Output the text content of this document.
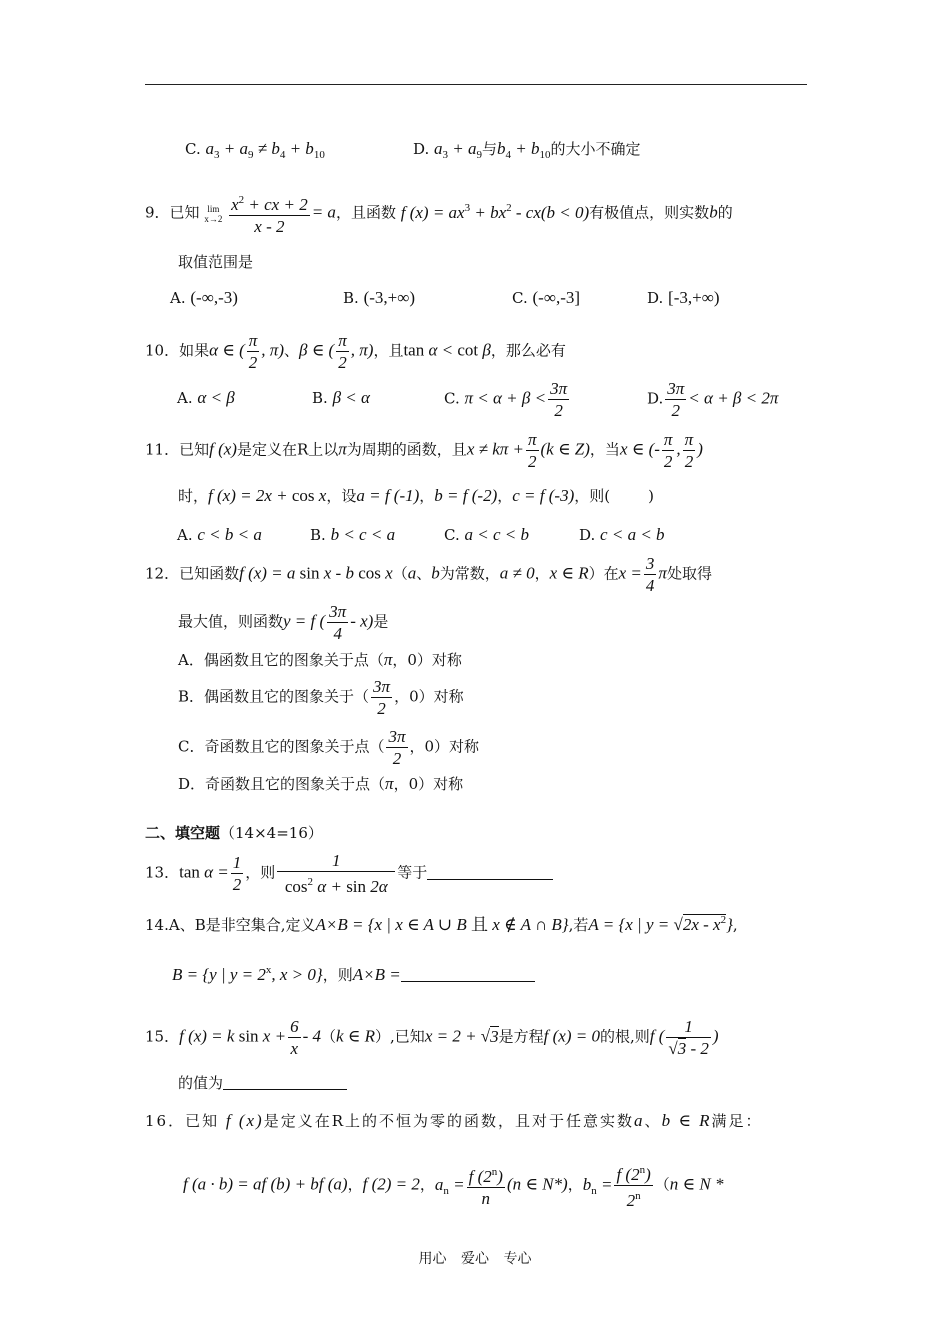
C. $a_3 + a_9 \ne b_4 + b_{10}$	D. $a_3 + a_9$与$b_4 + b_{10}$的大小不确定
9．已知 lim
$x\to 2 \frac{x^2 + cx + 2}{x - 2} = a$，且函数 f $(x) = ax^3 + bx^2 - cx(b < 0)$有极值点，则实数b的
取值范围是
A. (-∞,-3)	B. (-3,+∞)	C. (-∞,-3]	D. [-3,+∞)
10．如果α ∈ ( $\frac{\pi}{2}$ , π)、β ∈ ( $\frac{\pi}{2}$ , π)，且tan α < cot β，那么必有
A. α < β	B. β < α	C. $\pi < \alpha + \beta < \frac{3\pi}{2}$	D. $\frac{3\pi}{2} < \alpha + \beta < 2\pi$
11．已知f (x)是定义在R上以π为周期的函数，且$x \ne k\pi + \frac{\pi}{2} (k$ ∈ Z)，当x ∈ (- $\frac{\pi}{2}$ , $\frac{\pi}{2}$ )
时，f (x) = 2x + cos x，设a = f (-1)，b = f (-2)，c = f (-3)，则(	)
A. c < b < a	B. b < c < a	C. a < c < b	D. c < a < b
12．已知函数f (x) = a sin x - b cos x（a、b为常数，a ≠ 0，x ∈ R）在$x = \frac{3}{4}$ π处取得
最大值，则函数y = f ( $\frac{3\pi}{4} - x$)是
A．偶函数且它的图象关于点（π，0）对称
B．偶函数且它的图象关于（ $\frac{3\pi}{2}$ ，0）对称
C．奇函数且它的图象关于点（ $\frac{3\pi}{2}$ ，0）对称
D．奇函数且它的图象关于点（π，0）对称
二、填空题（14×4=16）
13．$\tan \alpha = \frac{1}{2}$ ，则 $\frac{1}{\cos^2 \alpha + \sin 2\alpha}$ 等于
14.A、B是非空集合,定义A×B = {x | x ∈ A ∪ B 且 x ∉ A ∩ B},若A = {x | $y = √2x - x^2$},
B = {y | $y = 2^x$, x > 0}，则A×B =
15．f (x) = k $\sin x + \frac{6}{x} - 4(k$ ∈ R）,已知x = 2 + √3是方程f (x) = 0的根,则f ( $\frac{1}{√3 - 2}$ )
的值为
16．已知 f (x)是定义在R上的不恒为零的函数，且对于任意实数a、b ∈ R满足：
f (a · b) = af (b) + bf (a)，f (2) = 2，$a_n = \frac{f (2^n)}{n} (n$ ∈ N*)，$b_n = \frac{f (2^n)}{2^n} (n$ ∈ N *
用心 爱心 专心
